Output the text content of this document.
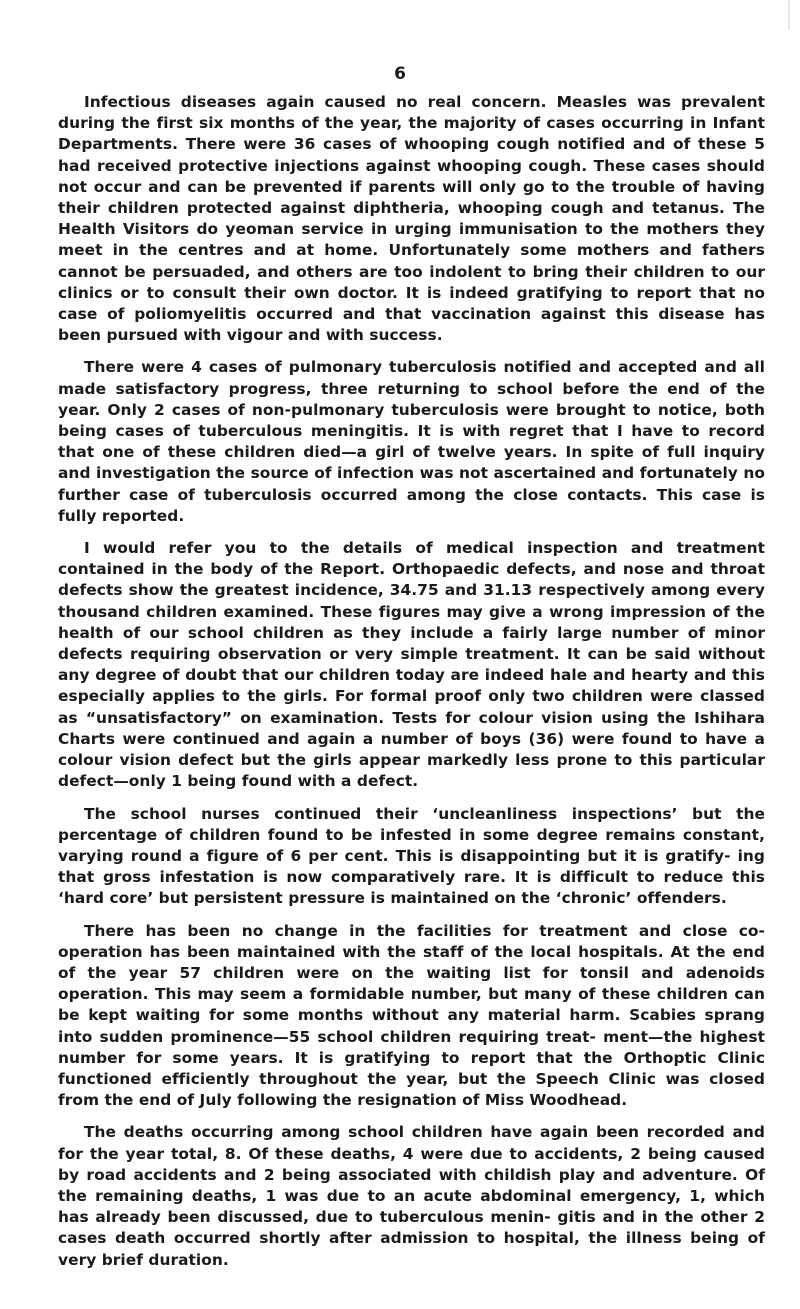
6

Infectious diseases again caused no real concern. Measles was prevalent during the first six months of the year, the majority of cases occurring in Infant Departments. There were 36 cases of whooping cough notified and of these 5 had received protective injections against whooping cough. These cases should not occur and can be prevented if parents will only go to the trouble of having their children protected against diphtheria, whooping cough and tetanus. The Health Visitors do yeoman service in urging immunisation to the mothers they meet in the centres and at home. Unfortunately some mothers and fathers cannot be persuaded, and others are too indolent to bring their children to our clinics or to consult their own doctor. It is indeed gratifying to report that no case of poliomyelitis occurred and that vaccination against this disease has been pursued with vigour and with success.

There were 4 cases of pulmonary tuberculosis notified and accepted and all made satisfactory progress, three returning to school before the end of the year. Only 2 cases of non-pulmonary tuberculosis were brought to notice, both being cases of tuberculous meningitis. It is with regret that I have to record that one of these children died—a girl of twelve years. In spite of full inquiry and investigation the source of infection was not ascertained and fortunately no further case of tuberculosis occurred among the close contacts. This case is fully reported.

I would refer you to the details of medical inspection and treatment contained in the body of the Report. Orthopaedic defects, and nose and throat defects show the greatest incidence, 34.75 and 31.13 respectively among every thousand children examined. These figures may give a wrong impression of the health of our school children as they include a fairly large number of minor defects requiring observation or very simple treatment. It can be said without any degree of doubt that our children today are indeed hale and hearty and this especially applies to the girls. For formal proof only two children were classed as “unsatisfactory” on examination. Tests for colour vision using the Ishihara Charts were continued and again a number of boys (36) were found to have a colour vision defect but the girls appear markedly less prone to this particular defect—only 1 being found with a defect.

The school nurses continued their ‘uncleanliness inspections’ but the percentage of children found to be infested in some degree remains constant, varying round a figure of 6 per cent. This is disappointing but it is gratify- ing that gross infestation is now comparatively rare. It is difficult to reduce this ‘hard core’ but persistent pressure is maintained on the ‘chronic’ offenders.

There has been no change in the facilities for treatment and close co-operation has been maintained with the staff of the local hospitals. At the end of the year 57 children were on the waiting list for tonsil and adenoids operation. This may seem a formidable number, but many of these children can be kept waiting for some months without any material harm. Scabies sprang into sudden prominence—55 school children requiring treat- ment—the highest number for some years. It is gratifying to report that the Orthoptic Clinic functioned efficiently throughout the year, but the Speech Clinic was closed from the end of July following the resignation of Miss Woodhead.

The deaths occurring among school children have again been recorded and for the year total, 8. Of these deaths, 4 were due to accidents, 2 being caused by road accidents and 2 being associated with childish play and adventure. Of the remaining deaths, 1 was due to an acute abdominal emergency, 1, which has already been discussed, due to tuberculous menin- gitis and in the other 2 cases death occurred shortly after admission to hospital, the illness being of very brief duration.
